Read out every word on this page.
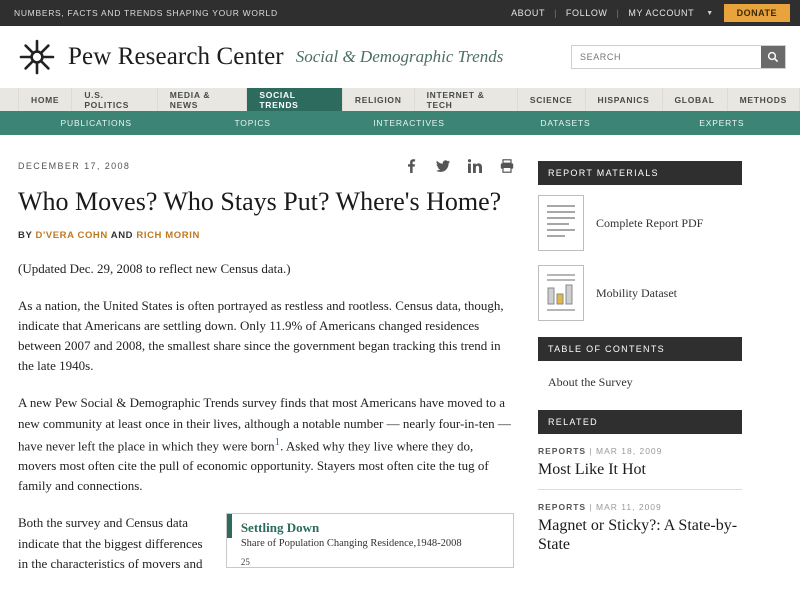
NUMBERS, FACTS AND TRENDS SHAPING YOUR WORLD	ABOUT	|	FOLLOW	|	MY ACCOUNT	▼	DONATE
Pew Research Center Social & Demographic Trends
SEARCH
HOME	U.S. POLITICS
MEDIA & NEWS
SOCIAL TRENDS	RELIGION	INTERNET & TECH	SCIENCE	HISPANICS	GLOBAL	METHODS
PUBLICATIONS	TOPICS	INTERACTIVES	DATASETS	EXPERTS
DECEMBER 17, 2008
Who Moves? Who Stays Put? Where's Home?
BY D'VERA COHN AND RICH MORIN

(Updated Dec. 29, 2008 to reflect new Census data.)

As a nation, the United States is often portrayed as restless and rootless. Census data, though, indicate that Americans are settling down. Only 11.9% of Americans changed residences between 2007 and 2008, the smallest share since the government began tracking this trend in the late 1940s.

A new Pew Social & Demographic Trends survey finds that most Americans have moved to a new community at least once in their lives, although a notable number — nearly four-in-ten — have never left the place in which they were born$^1$. Asked why they live where they do, movers most often cite the pull of economic opportunity. Stayers most often cite the tug of family and connections.

Both the survey and Census data indicate that the biggest differences in the characteristics of movers and

Settling Down
Share of Population Changing Residence,1948-2008
25
REPORT MATERIALS
Complete Report PDF
Mobility Dataset
TABLE OF CONTENTS
About the Survey
RELATED
REPORTS | MAR 18, 2009
Most Like It Hot
REPORTS | MAR 11, 2009
Magnet or Sticky?: A State-by-State
